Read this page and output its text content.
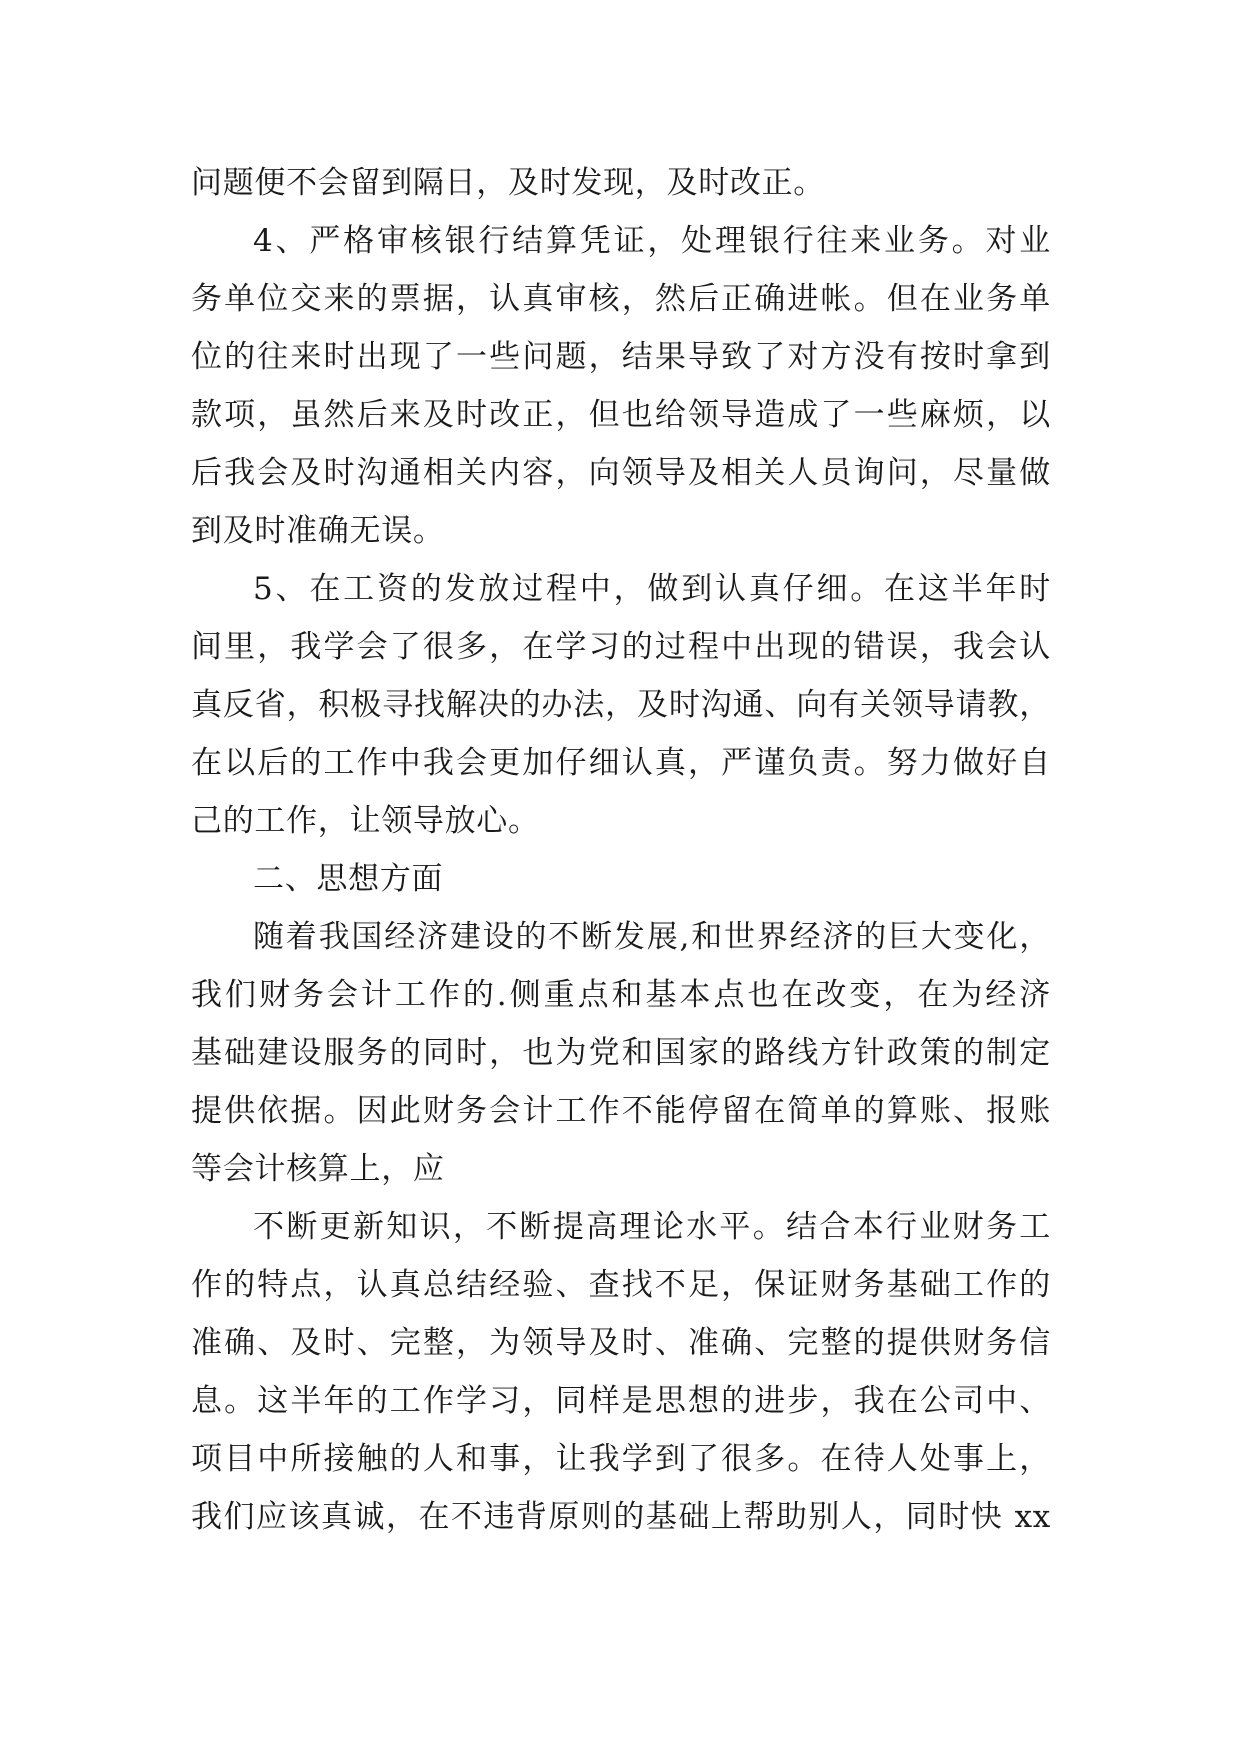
问题便不会留到隔日，及时发现，及时改正。

4、严格审核银行结算凭证，处理银行往来业务。对业
务单位交来的票据，认真审核，然后正确进帐。但在业务单
位的往来时出现了一些问题，结果导致了对方没有按时拿到
款项，虽然后来及时改正，但也给领导造成了一些麻烦，以
后我会及时沟通相关内容，向领导及相关人员询问，尽量做
到及时准确无误。

5、在工资的发放过程中，做到认真仔细。在这半年时
间里，我学会了很多，在学习的过程中出现的错误，我会认
真反省，积极寻找解决的办法，及时沟通、向有关领导请教，
在以后的工作中我会更加仔细认真，严谨负责。努力做好自
己的工作，让领导放心。

二、思想方面

随着我国经济建设的不断发展,和世界经济的巨大变化，
我们财务会计工作的.侧重点和基本点也在改变，在为经济
基础建设服务的同时，也为党和国家的路线方针政策的制定
提供依据。因此财务会计工作不能停留在简单的算账、报账
等会计核算上，应

不断更新知识，不断提高理论水平。结合本行业财务工
作的特点，认真总结经验、查找不足，保证财务基础工作的
准确、及时、完整，为领导及时、准确、完整的提供财务信
息。这半年的工作学习，同样是思想的进步，我在公司中、
项目中所接触的人和事，让我学到了很多。在待人处事上，
我们应该真诚，在不违背原则的基础上帮助别人，同时快 xx
